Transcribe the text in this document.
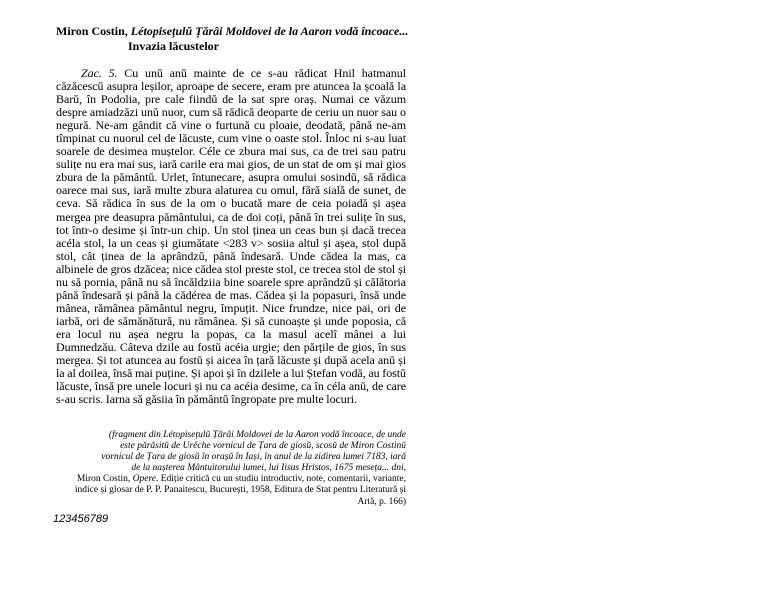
Miron Costin, Létopisețulŭ Țărâi Moldovei de la Aaron vodă încoace...
Invazia lăcustelor

Zac. 5. Cu unŭ anŭ mainte de ce s-au rădicat Hnil hatmanul căzăcescŭ asupra leșilor, aproape de secere, eram pre atuncea la școală la Barŭ, în Podolia, pre cale fiindŭ de la sat spre oraș. Numai ce văzum despre amiadzăzi unŭ nuor, cum să rădică deoparte de ceriu un nuor sau o negură. Ne-am gândit că vine o furtună cu ploaie, deodată, până ne-am tîmpinat cu nuorul cel de lăcuste, cum vine o oaste stol. Înloc ni s-au luat soarele de desimea muștelor. Céle ce zbura mai sus, ca de trei sau patru sulițe nu era mai sus, iară carile era mai gios, de un stat de om și mai gios zbura de la pământŭ. Urlet, întunecare, asupra omului sosindŭ, să rădica oarece mai sus, iară multe zbura alaturea cu omul, fără sială de sunet, de ceva. Să rădica în sus de la om o bucată mare de ceia poiadă și așea mergea pre deasupra pământului, ca de doi coți, până în trei sulițe în sus, tot într-o desime și într-un chip. Un stol ținea un ceas bun și dacă trecea acéla stol, la un ceas și giumătate <283 v> sosiia altul și așea, stol după stol, cât ținea de la aprândzŭ, până îndesară. Unde cădea la mas, ca albinele de gros dzăcea; nice cădea stol preste stol, ce trecea stol de stol și nu să pornia, până nu să încăldziia bine soarele spre aprândzŭ și călătoria până îndesară și până la cădérea de mas. Cădea și la popasuri, însă unde mânea, rămânea pământul negru, împuțit. Nice frundze, nice pai, ori de iarbă, ori de sămănătură, nu rămânea. Și să cunoaște și unde poposia, că era locul nu așea negru la popas, ca la masul acelî mânei a lui Dumnedzău. Câteva dzile au fostŭ acéia urgie; den părțile de gios, în sus mergea. Și tot atuncea au fostŭ și aicea în țară lăcuste și după acela anŭ și la al doilea, însă mai puține. Și apoi și în dzilele a lui Ștefan vodă, au fostŭ lăcuste, însă pre unele locuri și nu ca acéia desime, ca în céla anŭ, de care s-au scris. Iarna să găsiia în pământŭ îngropate pre multe locuri.

(fragment din Létopisețulŭ Țărâi Moldovei de la Aaron vodă încoace, de unde
este părăsitŭ de Urêche vornicul de Țara de giosŭ, scosŭ de Miron Costinŭ
vornicul de Țara de giosŭ în orașŭ în Iași, în anul de la zidirea lumei 7183, iară
de la nașterea Mântuitorului lumei, lui Iisus Hristos, 1675 meseța... dni,
Miron Costin, Opere. Ediție critică cu un studiu introductiv, note, comentarii, variante,
indice și glosar de P. P. Panaitescu, București, 1958, Editura de Stat pentru Literatură și
Artă, p. 166)

123456789
